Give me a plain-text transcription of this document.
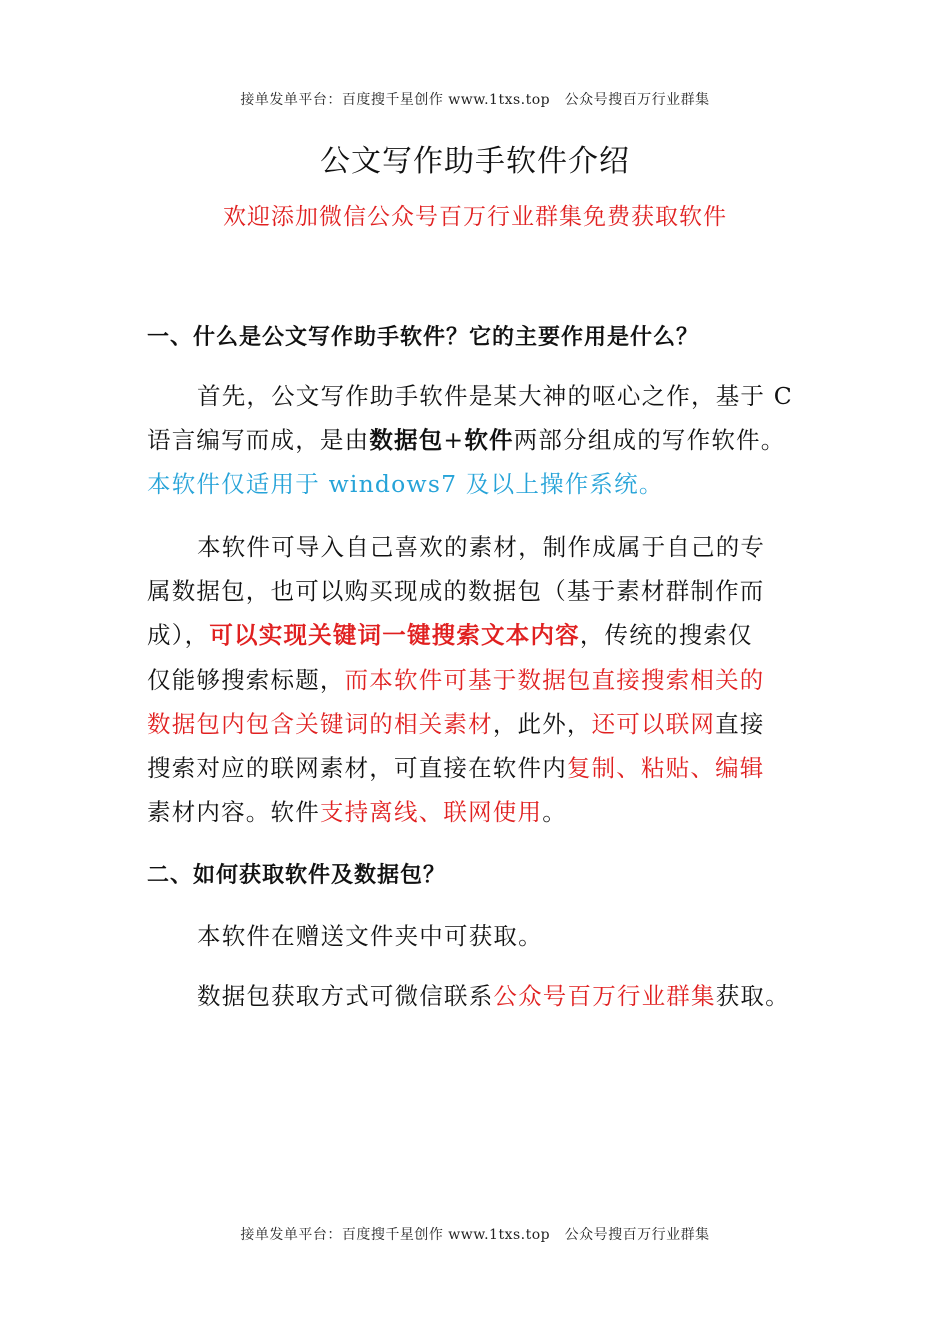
接单发单平台：百度搜千星创作 www.1txs.top　公众号搜百万行业群集
公文写作助手软件介绍
欢迎添加微信公众号百万行业群集免费获取软件
一、什么是公文写作助手软件？它的主要作用是什么？
首先，公文写作助手软件是某大神的呕心之作，基于 C
语言编写而成，是由数据包+软件两部分组成的写作软件。
本软件仅适用于 windows7 及以上操作系统。
本软件可导入自己喜欢的素材，制作成属于自己的专
属数据包，也可以购买现成的数据包（基于素材群制作而
成），可以实现关键词一键搜索文本内容，传统的搜索仅
仅能够搜索标题，而本软件可基于数据包直接搜索相关的
数据包内包含关键词的相关素材，此外，还可以联网直接
搜索对应的联网素材，可直接在软件内复制、粘贴、编辑
素材内容。软件支持离线、联网使用。
二、如何获取软件及数据包？
本软件在赠送文件夹中可获取。
数据包获取方式可微信联系公众号百万行业群集获取。
接单发单平台：百度搜千星创作 www.1txs.top　公众号搜百万行业群集
